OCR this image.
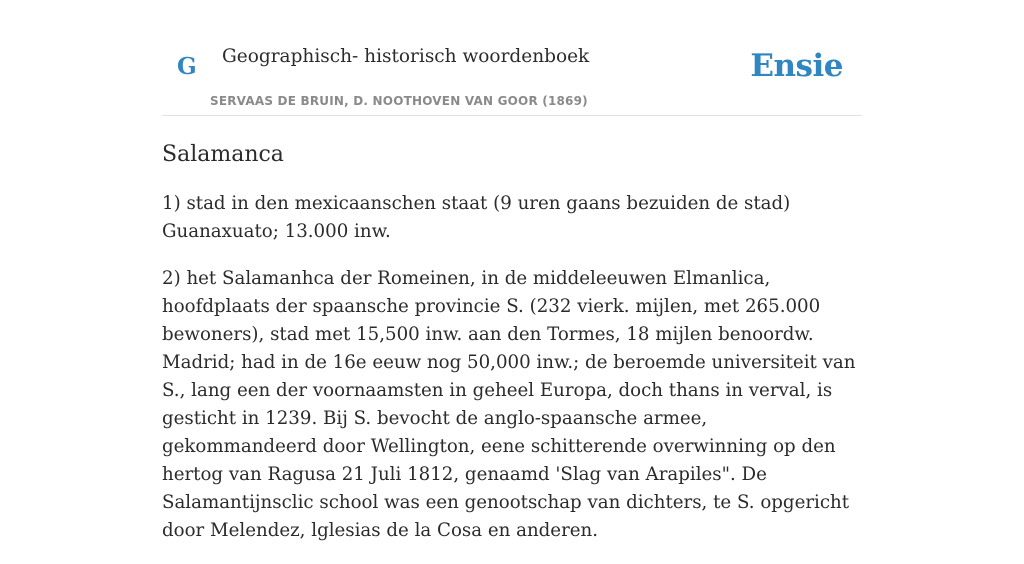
G Geographisch- historisch woordenboek
SERVAAS DE BRUIN, D. NOOTHOVEN VAN GOOR (1869)
Ensie
Salamanca

1) stad in den mexicaanschen staat (9 uren gaans bezuiden de stad) Guanaxuato; 13.000 inw.

2) het Salamanhca der Romeinen, in de middeleeuwen Elmanlica, hoofdplaats der spaansche provincie S. (232 vierk. mijlen, met 265.000 bewoners), stad met 15,500 inw. aan den Tormes, 18 mijlen benoordw. Madrid; had in de 16e eeuw nog 50,000 inw.; de beroemde universiteit van S., lang een der voornaamsten in geheel Europa, doch thans in verval, is gesticht in 1239. Bij S. bevocht de anglo-spaansche armee, gekommandeerd door Wellington, eene schitterende overwinning op den hertog van Ragusa 21 Juli 1812, genaamd 'Slag van Arapiles". De Salamantijnsclic school was een genootschap van dichters, te S. opgericht door Melendez, lglesias de la Cosa en anderen.
